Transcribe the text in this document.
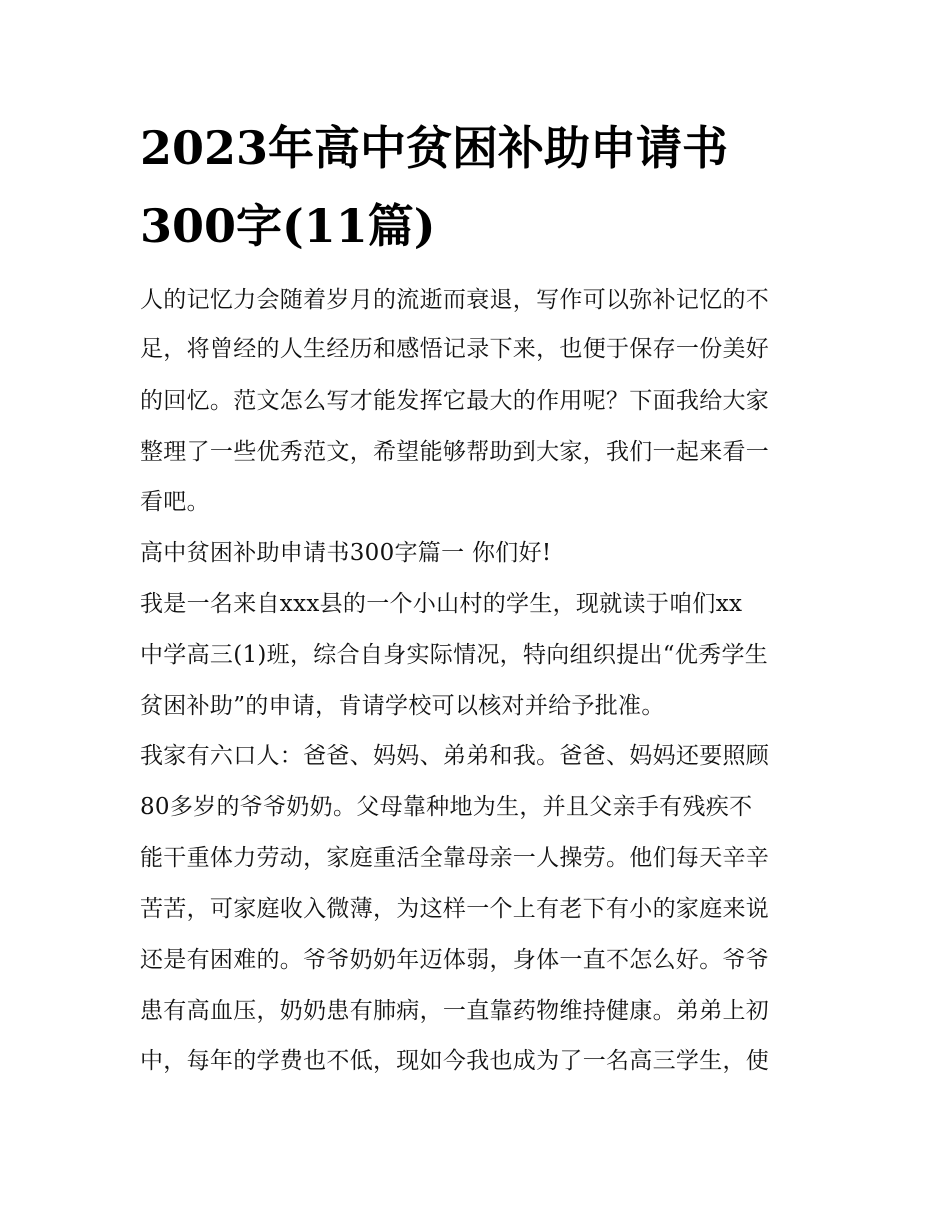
2023年高中贫困补助申请书
300字(11篇)
人的记忆力会随着岁月的流逝而衰退，写作可以弥补记忆的不
足，将曾经的人生经历和感悟记录下来，也便于保存一份美好
的回忆。范文怎么写才能发挥它最大的作用呢？下面我给大家
整理了一些优秀范文，希望能够帮助到大家，我们一起来看一
看吧。
高中贫困补助申请书300字篇一 你们好!
我是一名来自xxx县的一个小山村的学生，现就读于咱们xx
中学高三(1)班，综合自身实际情况，特向组织提出“优秀学生
贫困补助”的申请，肯请学校可以核对并给予批准。
我家有六口人：爸爸、妈妈、弟弟和我。爸爸、妈妈还要照顾
80多岁的爷爷奶奶。父母靠种地为生，并且父亲手有残疾不
能干重体力劳动，家庭重活全靠母亲一人操劳。他们每天辛辛
苦苦，可家庭收入微薄，为这样一个上有老下有小的家庭来说
还是有困难的。爷爷奶奶年迈体弱，身体一直不怎么好。爷爷
患有高血压，奶奶患有肺病，一直靠药物维持健康。弟弟上初
中，每年的学费也不低，现如今我也成为了一名高三学生，使
